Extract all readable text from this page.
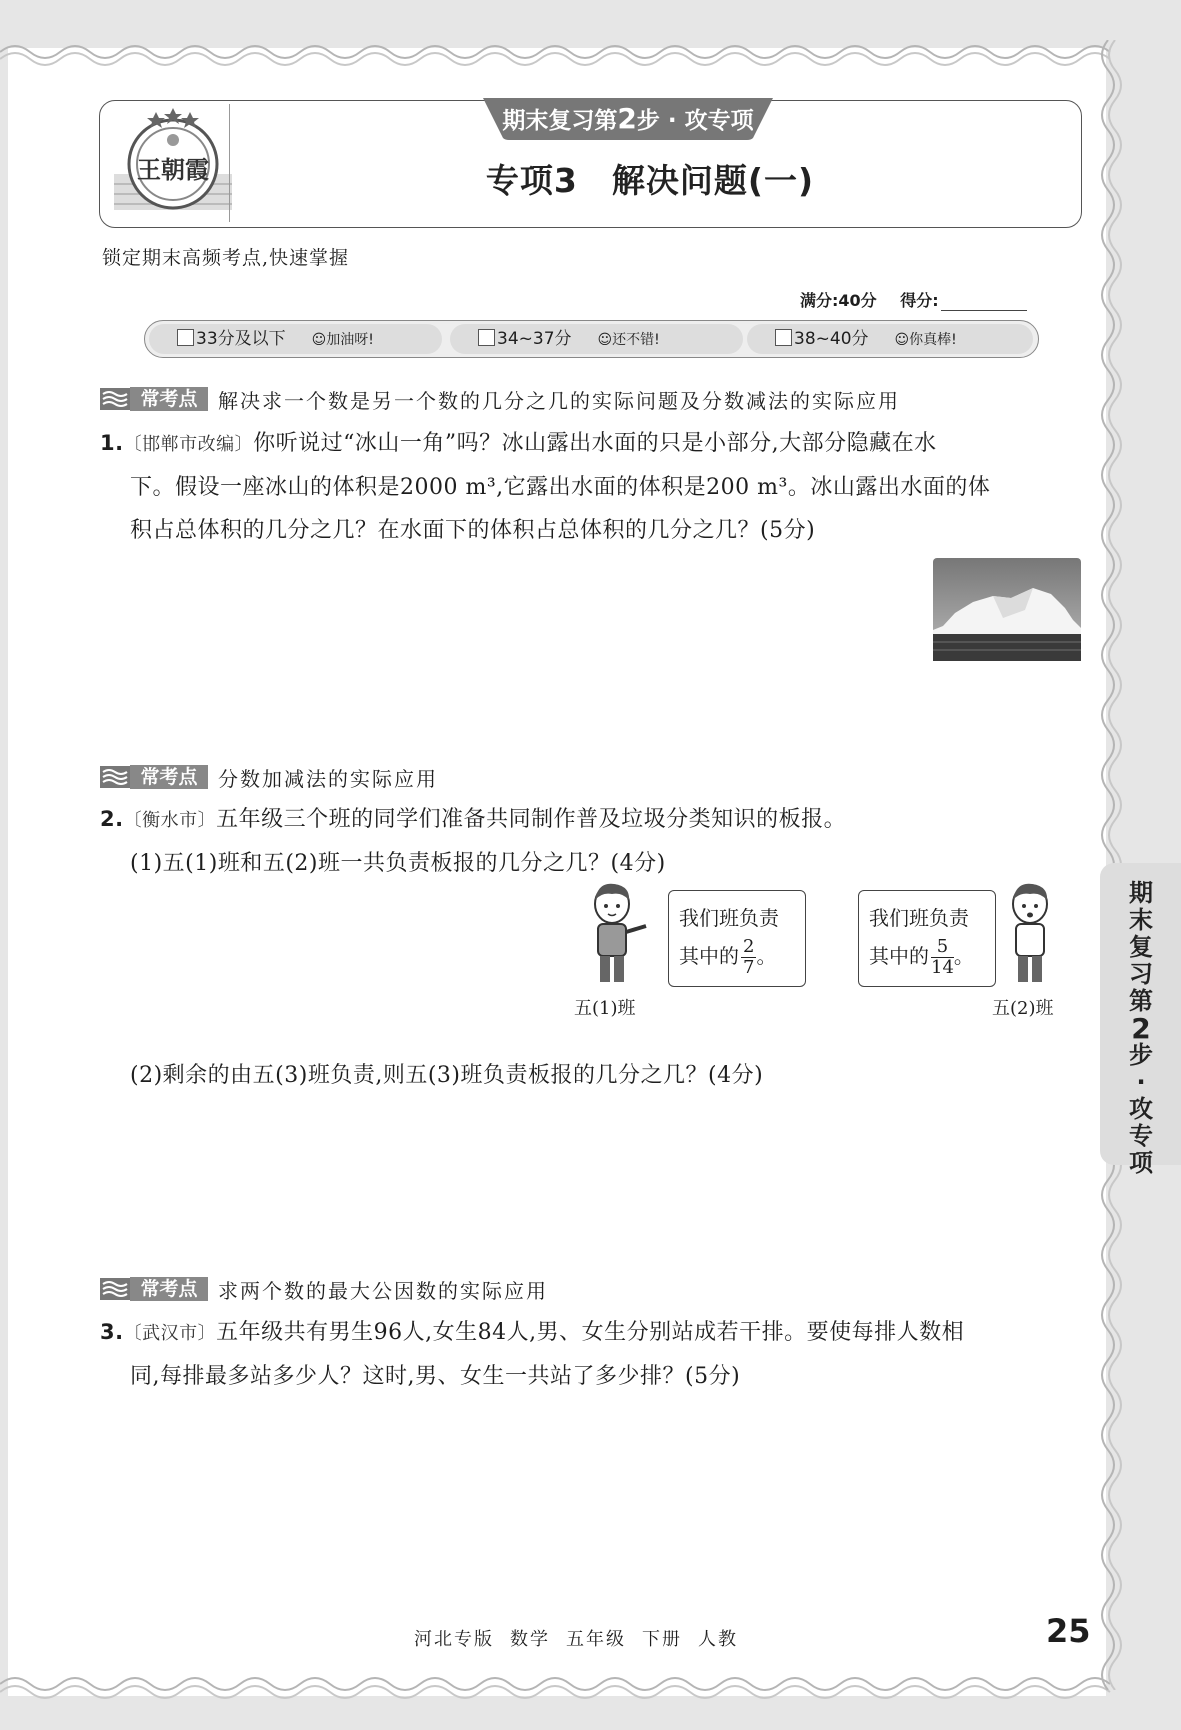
王朝霞
期末复习第2步 · 攻专项
专项3　解决问题(一)
锁定期末高频考点,快速掌握
满分:40分 得分:
33分及以下 ☺加油呀!	34~37分 ☺还不错!	38~40分 ☺你真棒!
常考点	解决求一个数是另一个数的几分之几的实际问题及分数减法的实际应用
1.〔邯郸市改编〕你听说过“冰山一角”吗？冰山露出水面的只是小部分,大部分隐藏在水
下。假设一座冰山的体积是2000 m³,它露出水面的体积是200 m³。冰山露出水面的体
积占总体积的几分之几？在水面下的体积占总体积的几分之几？(5分)
常考点	分数加减法的实际应用
2.〔衡水市〕五年级三个班的同学们准备共同制作普及垃圾分类知识的板报。
(1)五(1)班和五(2)班一共负责板报的几分之几？(4分)
我们班负责
其中的 $\frac{2}{7}$ 。
五(1)班
我们班负责
其中的 $\frac{5}{14}$ 。
五(2)班
(2)剩余的由五(3)班负责,则五(3)班负责板报的几分之几？(4分)
常考点	求两个数的最大公因数的实际应用
3.〔武汉市〕五年级共有男生96人,女生84人,男、女生分别站成若干排。要使每排人数相
同,每排最多站多少人？这时,男、女生一共站了多少排？(5分)
期
末
复
习
第
2
步
·
攻
专
项
河北专版 数学 五年级 下册 人教	25
